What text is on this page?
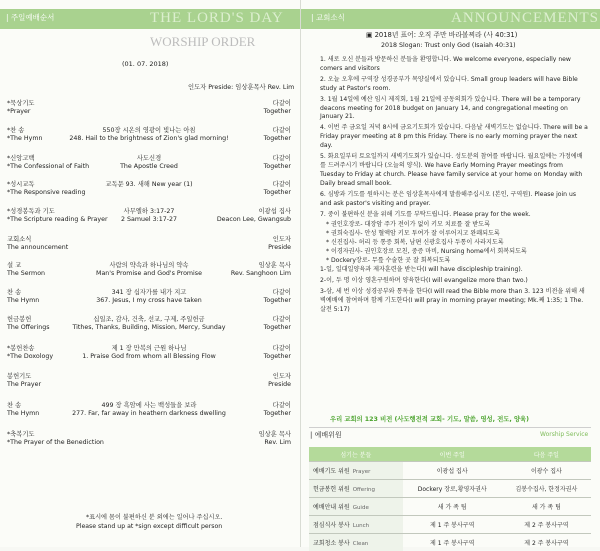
| 주일예배순서	THE LORD'S DAY
WORSHIP ORDER
(01. 07. 2018)
인도자 Preside: 임상훈목사 Rev. Lim
*묵상기도	다같이
*Prayer	Together
*찬 송	550장 시온의 영광이 빛나는 아침	다같이
*The Hymn	248. Hail to the brightness of Zion's glad morning!	Together
*신앙고백	사도신경	다같이
*The Confessional of Faith	The Apostle Creed	Together
*성시교독	교독문 93. 새해 New year (1)	다같이
*The Responsive reading	Together
*성경봉독과 기도	사무엘하 3:17-27	이광섭 집사
*The Scripture reading & Prayer	2 Samuel 3:17-27	Deacon Lee, Gwangsub
교회소식	인도자
The announcement	Preside
설 교	사람의 약속과 하나님의 약속	임상훈 목사
The Sermon	Man's Promise and God's Promise	Rev. Sanghoon Lim
찬 송	341 장 십자가를 내가 지고	다같이
The Hymn	367. Jesus, I my cross have taken	Together
헌금봉헌	십일조, 감사, 건축, 선교, 구제, 주일헌금	다같이
The Offerings	Tithes, Thanks, Building, Mission, Mercy, Sunday	Together
*봉헌찬송	제 1 장 만복의 근원 하나님	다같이
*The Doxology	1. Praise God from whom all Blessing Flow	Together
봉헌기도	인도자
The Prayer	Preside
찬 송	499 장 흑암에 사는 백성들을 보라	다같이
The Hymn	277. Far, far away in heathern darkness dwelling	Together
*축복기도	임상훈 목사
*The Prayer of the Benediction	Rev. Lim
*표시에 몸이 불편하신 분 외에는 일어나 주십시오.
Please stand up at *sign except difficult person
| 교회소식	ANNOUNCEMENTS
▣ 2018년 표어: 오직 주만 바라볼찌라 (사 40:31)
2018 Slogan: Trust only God (Isaiah 40:31)

1. 새로 오신 분들과 방문하신 분들을 환영합니다. We welcome everyone, especially new comers and visitors

2. 오늘 오후에 구역장 성경공부가 목양실에서 있습니다. Small group leaders will have Bible study at Pastor's room.

3. 1월 14일에 예산 임시 제직회, 1월 21일에 공동의회가 있습니다. There will be a temporary deacons meeting for 2018 budget on January 14, and congregational meeting on January 21.

4. 이번 주 금요일 저녁 8시에 금요기도회가 있습니다. 다음날 새벽기도는 없습니다. There will be a Friday prayer meeting at 8 pm this Friday. There is no early morning prayer the next day.

5. 화요일부터 토요일까지 새벽기도회가 있습니다. 성도분의 참여를 바랍니다. 월요일에는 가정에배를 드려주시기 바랍니다 (오늘의 양식). We have Early Morning Prayer meetings from Tuesday to Friday at church. Please have family service at your home on Monday with Daily bread small book.

6. 심방과 기도를 원하시는 분은 임상훈목사에게 말씀해주십시오 (본인, 구역원). Please join us and ask pastor's visiting and prayer.

7. 중이 불편하신 분을 위해 기도를 부탁드립니다. Please pray for the week.

* 권인호장로- 대장암 주가 전이가 없이 키모 치료를 잘 받도록

* 권희숙집사- 안성 혈액암 키모 투여가 잘 이루어지고 완쾌되도록

* 신진집사- 허리 등 통증 회복, 남편 신광호집사 두통이 사라지도록

* 이경자권사- 권인호장로 모친, 중증 마비, Nursing home에서 회복되도록

* Dockery장로- 무릎 수술한 곳 잘 회복되도록

1-일, 일대일양육과 제자훈련을 받는다(I will have discipleship training).

2-이, 두 명 이상 영혼구원하며 양육한다(I will evangelize more than two.)

3-삼, 세 번 이상 성경공부와 통독을 한다(I will read the Bible more than 3. 123 비전을 위해 새벽예배에 참여하며 함께 기도한다(I will pray in morning prayer meeting; Mk.째 1:35; 1 The.살전 5:17)

우리 교회의 123 비전 (사도행전적 교회- 기도, 말씀, 영성, 전도, 양육)
| 예배위원	Worship Service
섬기는 분들	이번 주일	다음 주일
예배기도 위원 Prayer	이광섭 집사	이광수 집사
헌금봉헌 위원 Offering	Dockery 장로,황영자권사	김봉수집사, 한정자권사
예배안내 위원 Guide	새 가 족 팀	새 가 족 팀
점심식사 봉사 Lunch	제 1 주 봉사구역	제 2 주 봉사구역
교회청소 봉사 Clean	제 1 주 봉사구역	제 2 주 봉사구역
